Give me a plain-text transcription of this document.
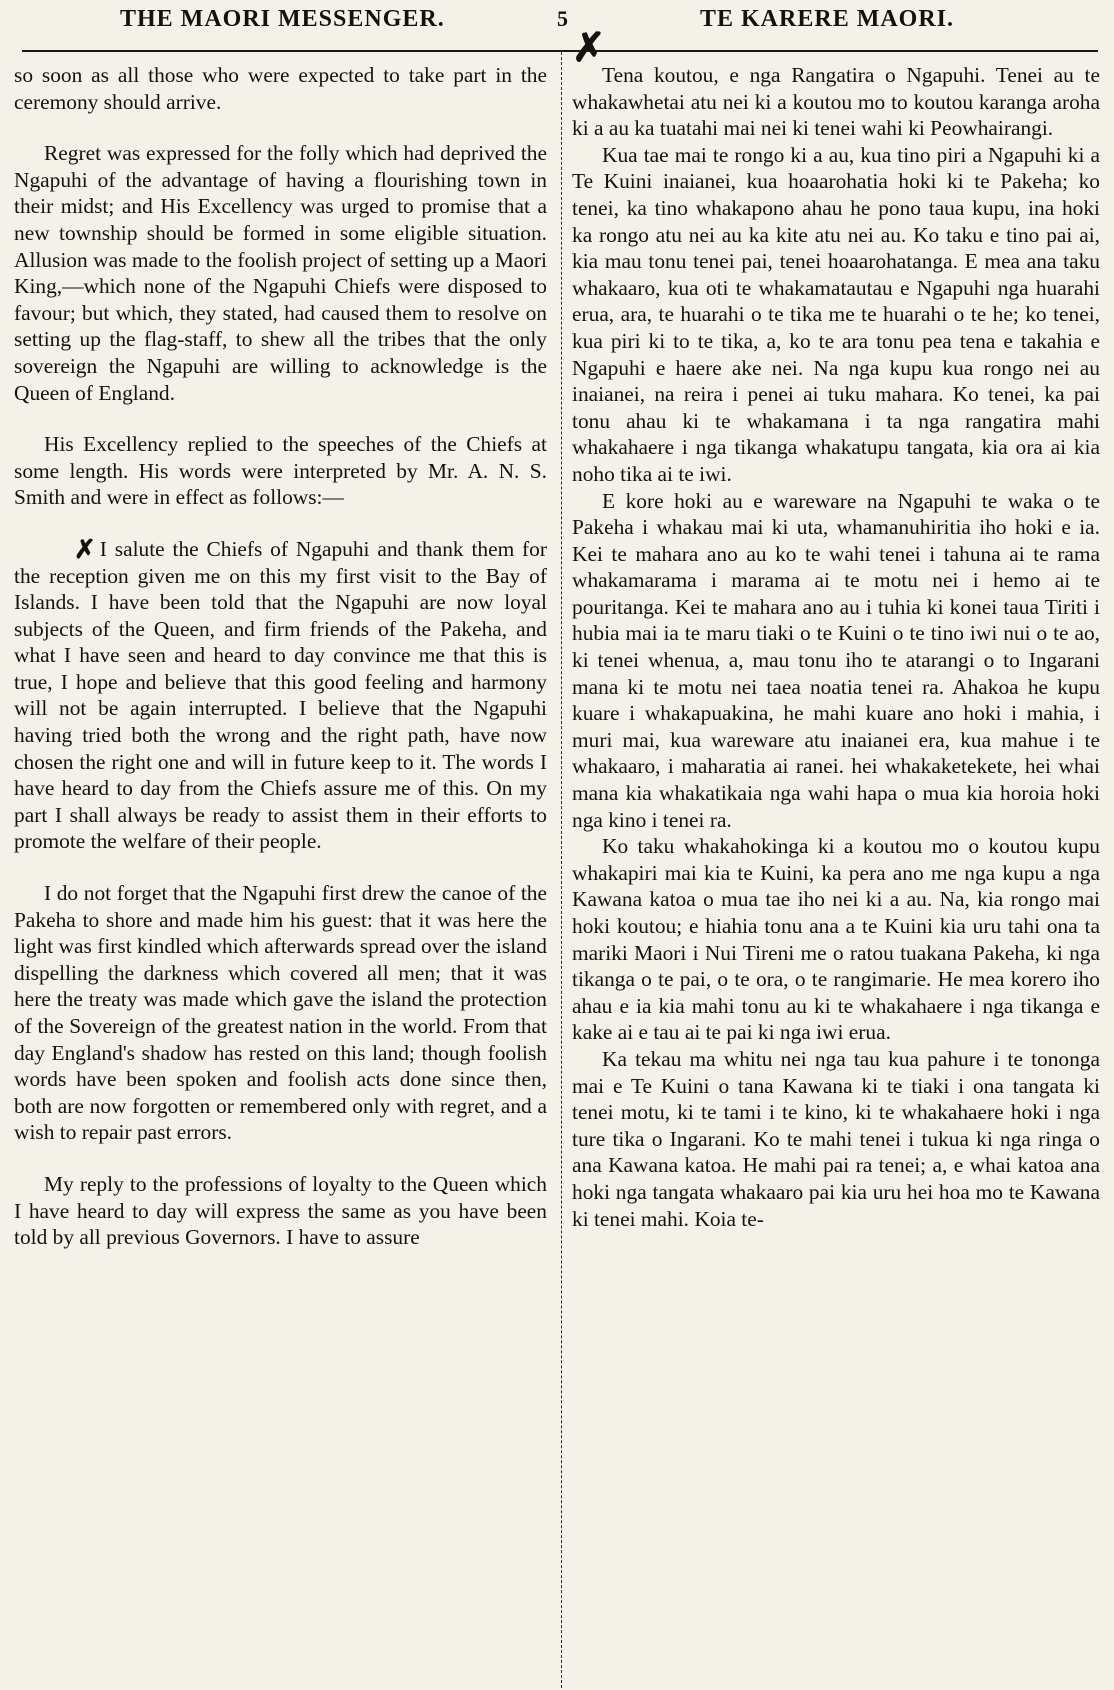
THE MAORI MESSENGER.	5	TE KARERE MAORI.
✗

so soon as all those who were expected to take part in the ceremony should arrive.

Regret was expressed for the folly which had deprived the Ngapuhi of the advantage of having a flourishing town in their midst; and His Excellency was urged to promise that a new township should be formed in some eligible situation. Allusion was made to the foolish project of setting up a Maori King,—which none of the Ngapuhi Chiefs were disposed to favour; but which, they stated, had caused them to resolve on setting up the flag-staff, to shew all the tribes that the only sovereign the Ngapuhi are willing to acknowledge is the Queen of England.

His Excellency replied to the speeches of the Chiefs at some length. His words were interpreted by Mr. A. N. S. Smith and were in effect as follows:—

✗ I salute the Chiefs of Ngapuhi and thank them for the reception given me on this my first visit to the Bay of Islands. I have been told that the Ngapuhi are now loyal subjects of the Queen, and firm friends of the Pakeha, and what I have seen and heard to day convince me that this is true, I hope and believe that this good feeling and harmony will not be again interrupted. I believe that the Ngapuhi having tried both the wrong and the right path, have now chosen the right one and will in future keep to it. The words I have heard to day from the Chiefs assure me of this. On my part I shall always be ready to assist them in their efforts to promote the welfare of their people.

I do not forget that the Ngapuhi first drew the canoe of the Pakeha to shore and made him his guest: that it was here the light was first kindled which afterwards spread over the island dispelling the darkness which covered all men; that it was here the treaty was made which gave the island the protection of the Sovereign of the greatest nation in the world. From that day England's shadow has rested on this land; though foolish words have been spoken and foolish acts done since then, both are now forgotten or remembered only with regret, and a wish to repair past errors.

My reply to the professions of loyalty to the Queen which I have heard to day will express the same as you have been told by all previous Governors. I have to assure

Tena koutou, e nga Rangatira o Ngapuhi. Tenei au te whakawhetai atu nei ki a koutou mo to koutou karanga aroha ki a au ka tuatahi mai nei ki tenei wahi ki Peowhairangi.

Kua tae mai te rongo ki a au, kua tino piri a Ngapuhi ki a Te Kuini inaianei, kua hoaarohatia hoki ki te Pakeha; ko tenei, ka tino whakapono ahau he pono taua kupu, ina hoki ka rongo atu nei au ka kite atu nei au. Ko taku e tino pai ai, kia mau tonu tenei pai, tenei hoaarohatanga. E mea ana taku whakaaro, kua oti te whakamatautau e Ngapuhi nga huarahi erua, ara, te huarahi o te tika me te huarahi o te he; ko tenei, kua piri ki to te tika, a, ko te ara tonu pea tena e takahia e Ngapuhi e haere ake nei. Na nga kupu kua rongo nei au inaianei, na reira i penei ai tuku mahara. Ko tenei, ka pai tonu ahau ki te whakamana i ta nga rangatira mahi whakahaere i nga tikanga whakatupu tangata, kia ora ai kia noho tika ai te iwi.

E kore hoki au e wareware na Ngapuhi te waka o te Pakeha i whakau mai ki uta, whamanuhiritia iho hoki e ia. Kei te mahara ano au ko te wahi tenei i tahuna ai te rama whakamarama i marama ai te motu nei i hemo ai te pouritanga. Kei te mahara ano au i tuhia ki konei taua Tiriti i hubia mai ia te maru tiaki o te Kuini o te tino iwi nui o te ao, ki tenei whenua, a, mau tonu iho te atarangi o to Ingarani mana ki te motu nei taea noatia tenei ra. Ahakoa he kupu kuare i whakapuakina, he mahi kuare ano hoki i mahia, i muri mai, kua wareware atu inaianei era, kua mahue i te whakaaro, i maharatia ai ranei. hei whakaketekete, hei whai mana kia whakatikaia nga wahi hapa o mua kia horoia hoki nga kino i tenei ra.

Ko taku whakahokinga ki a koutou mo o koutou kupu whakapiri mai kia te Kuini, ka pera ano me nga kupu a nga Kawana katoa o mua tae iho nei ki a au. Na, kia rongo mai hoki koutou; e hiahia tonu ana a te Kuini kia uru tahi ona ta mariki Maori i Nui Tireni me o ratou tuakana Pakeha, ki nga tikanga o te pai, o te ora, o te rangimarie. He mea korero iho ahau e ia kia mahi tonu au ki te whakahaere i nga tikanga e kake ai e tau ai te pai ki nga iwi erua.

Ka tekau ma whitu nei nga tau kua pahure i te tononga mai e Te Kuini o tana Kawana ki te tiaki i ona tangata ki tenei motu, ki te tami i te kino, ki te whakahaere hoki i nga ture tika o Ingarani. Ko te mahi tenei i tukua ki nga ringa o ana Kawana katoa. He mahi pai ra tenei; a, e whai katoa ana hoki nga tangata whakaaro pai kia uru hei hoa mo te Kawana ki tenei mahi. Koia te-
